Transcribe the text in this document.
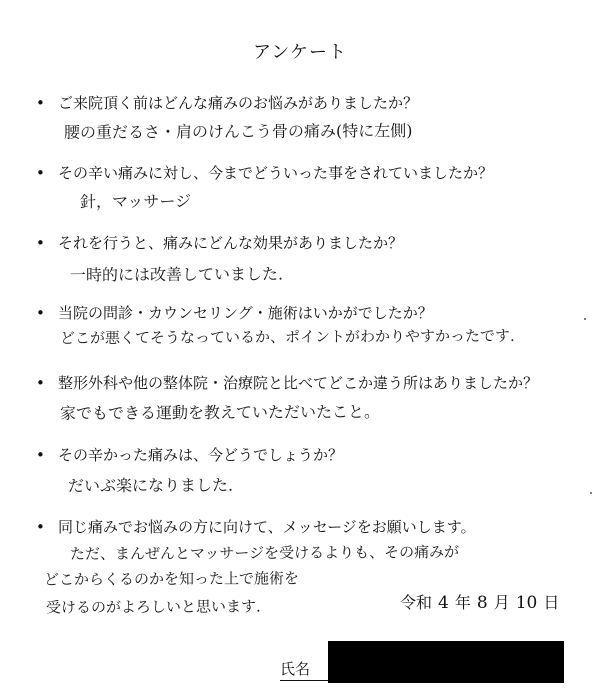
アンケート
• ご来院頂く前はどんな痛みのお悩みがありましたか？
腰の重だるさ・肩のけんこう骨の痛み(特に左側)
• その辛い痛みに対し、今までどういった事をされていましたか？
針，マッサージ
• それを行うと、痛みにどんな効果がありましたか？
一時的には改善していました.
• 当院の問診・カウンセリング・施術はいかがでしたか？
どこが悪くてそうなっているか、ポイントがわかりやすかったです.
• 整形外科や他の整体院・治療院と比べてどこか違う所はありましたか？
家でもできる運動を教えていただいたこと。
• その辛かった痛みは、今どうでしょうか？
だいぶ楽になりました.
• 同じ痛みでお悩みの方に向けて、メッセージをお願いします。
ただ、まんぜんとマッサージを受けるよりも、その痛みが
どこからくるのかを知った上で施術を
受けるのがよろしいと思います.	令和 4 年 8 月 10 日
氏名
